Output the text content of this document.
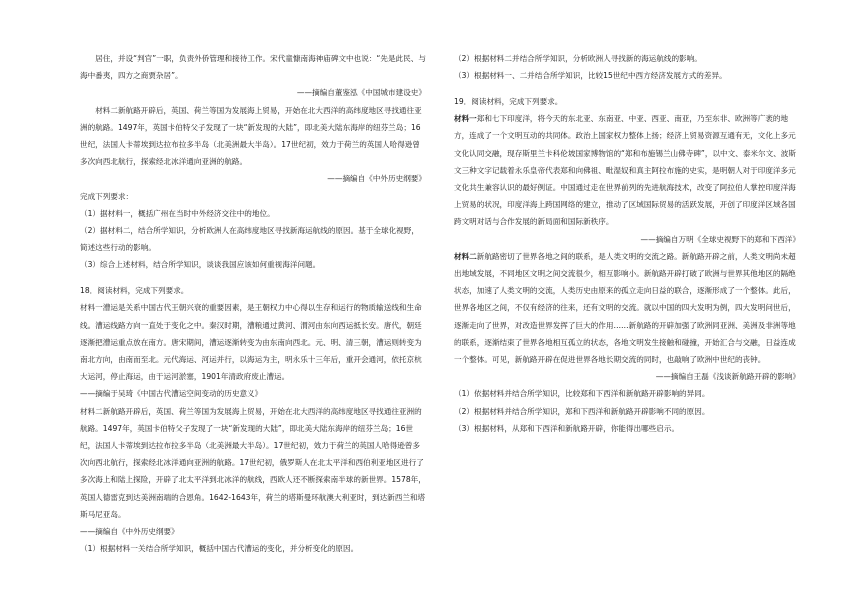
居住，并设“判官”一职，负责外侨管理和接待工作。宋代童慷南海神庙碑文中也说：“先是此民、与海中番夷，四方之商贾杂居”。

——摘编自董鉴泓《中国城市建设史》

材料二新航路开辟后，英国、荷兰等国为发展海上贸易，开始在北大西洋的高纬度地区寻找通往亚洲的航路。1497年，英国卡伯特父子发现了一块“新发现的大陆”，即北美大陆东海岸的纽芬兰岛；16世纪，法国人卡蒂埃到达拉布拉多半岛（北美洲最大半岛）。17世纪初，效力于荷兰的英国人哈得逊曾多次向西北航行，探索经北冰洋通向亚洲的航路。

——摘编自《中外历史纲要》

完成下列要求：

（1）据材料一，概括广州在当时中外经济交往中的地位。

（2）据材料二，结合所学知识，分析欧洲人在高纬度地区寻找新海运航线的原因。基于全球化视野，简述这些行动的影响。

（3）综合上述材料，结合所学知识，谈谈我国应该如何重视海洋问题。

18．阅读材料，完成下列要求。

材料一漕运是关系中国古代王朝兴衰的重要因素，是王朝权力中心得以生存和运行的物质输送线和生命线。漕运线路方向一直处于变化之中。秦汉时期，漕粮通过黄河、渭河由东向西运抵长安。唐代，朝廷逐渐把漕运重点放在南方。唐宋期间，漕运逐渐转变为由东南向西北。元、明、清三朝，漕运则转变为南北方向，由南而至北。元代海运、河运并行，以海运为主，明永乐十三年后，重开会通河，依托京杭大运河，停止海运，由于运河淤塞，1901年清政府废止漕运。

——摘编于吴琦《中国古代漕运空间变动的历史意义》

材料二新航路开辟后，英国、荷兰等国为发展海上贸易，开始在北大西洋的高纬度地区寻找通往亚洲的航路。1497年，英国卡伯特父子发现了一块“新发现的大陆”，即北美大陆东海岸的纽芬兰岛；16世纪，法国人卡蒂埃到达拉布拉多半岛（北美洲最大半岛）。17世纪初，效力于荷兰的英国人哈得逊曾多次向西北航行，探索经北冰洋通向亚洲的航路。17世纪初，俄罗斯人在北太平洋和西伯利亚地区进行了多次海上和陆上探险，开辟了北太平洋到北冰洋的航线，西欧人还不断探索南半球的新世界。1578年，英国人德雷克到达美洲南端的合恩角。1642-1643年，荷兰的塔斯曼环航澳大利亚时，到达新西兰和塔斯马尼亚岛。

——摘编自《中外历史纲要》

（1）根据材料一关结合所学知识，概括中国古代漕运的变化，并分析变化的原因。

（2）根据材料二并结合所学知识，分析欧洲人寻找新的海运航线的影响。

（3）根据材料一、二并结合所学知识，比较15世纪中西方经济发展方式的差异。

19．阅读材料，完成下列要求。

材料一郑和七下印度洋，将今天的东北亚、东南亚、中亚、西亚、南亚，乃至东非、欧洲等广袤的地方，连成了一个文明互动的共同体。政治上国家权力整体上扬；经济上贸易资源互通有无，文化上多元文化认同交融，现存斯里兰卡科伦坡国家博物馆的“郑和布施锡兰山佛寺碑”，以中文、泰米尔文、波斯文三种文字记载着永乐皇帝代表郑和向佛祖、毗湿奴和真主阿拉布施的史实，是明朝人对于印度洋多元文化共生兼容认识的最好例证。中国通过走在世界前列的先进航海技术，改变了阿拉伯人掌控印度洋海上贸易的状况，印度洋海上跨国网络的建立，推动了区域国际贸易的活跃发展，开创了印度洋区域各国跨文明对话与合作发展的新局面和国际新秩序。

——摘编自万明《全球史视野下的郑和下西洋》

材料二新航路密切了世界各地之间的联系，是人类文明的交流之路。新航路开辟之前，人类文明尚未超出地域发展，不同地区文明之间交流很少，相互影响小。新航路开辟打破了欧洲与世界其他地区的隔绝状态，加速了人类文明的交流，人类历史由原来的孤立走向日益的联合，逐渐形成了一个整体。此后，世界各地区之间，不仅有经济的往来，还有文明的交流。就以中国的四大发明为例，四大发明问世后，逐渐走向了世界，对改造世界发挥了巨大的作用……新航路的开辟加强了欧洲同亚洲、美洲及非洲等地的联系，逐渐结束了世界各地相互孤立的状态，各地文明发生接触和碰撞，开始汇合与交融，日益连成一个整体。可见，新航路开辟在促进世界各地长期交流的同时，也敲响了欧洲中世纪的丧钟。

——摘编自王磊《浅谈新航路开辟的影响》

（1）依据材料并结合所学知识，比较郑和下西洋和新航路开辟影响的异同。

（2）根据材料并结合所学知识，郑和下西洋和新航路开辟影响不同的原因。

（3）根据材料，从郑和下西洋和新航路开辟，你能得出哪些启示。
